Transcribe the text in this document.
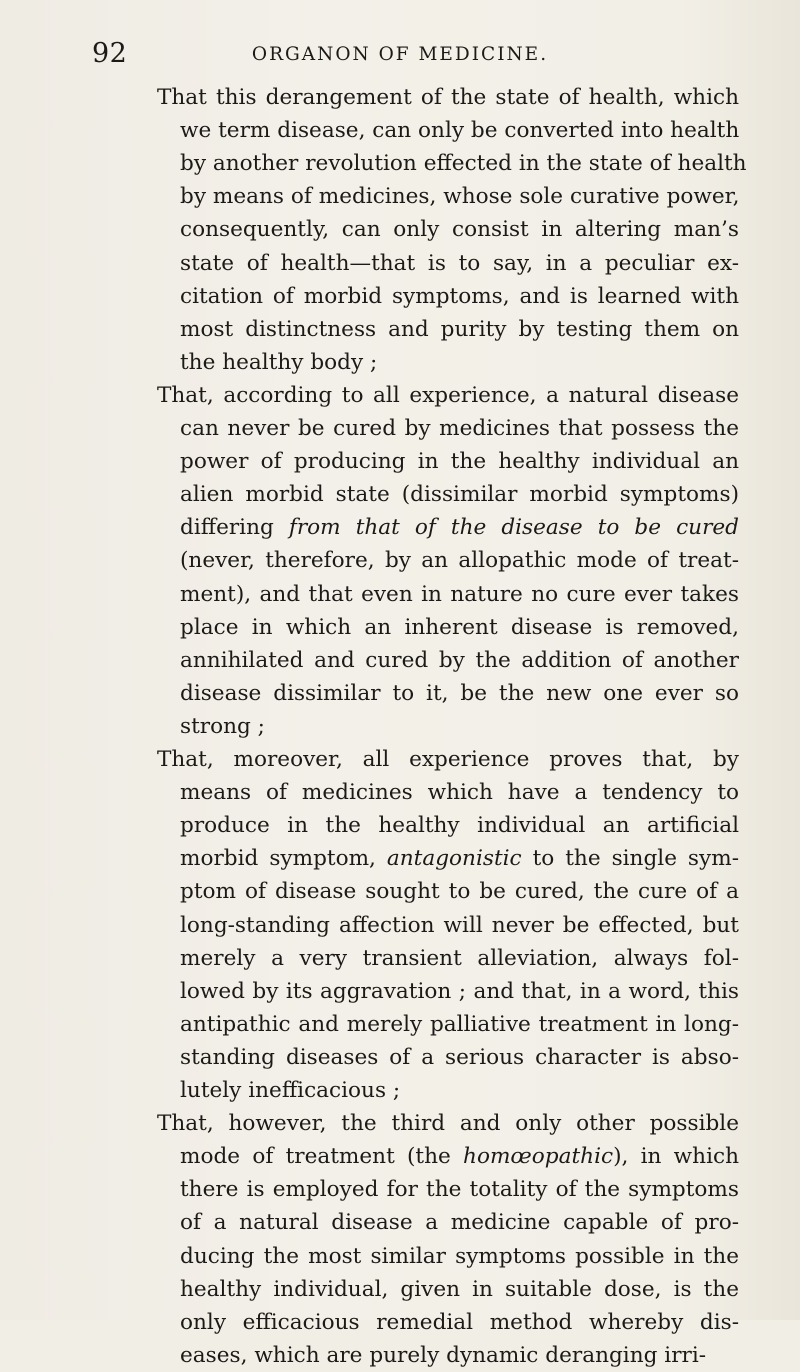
92	ORGANON OF MEDICINE.
That this derangement of the state of health, which
we term disease, can only be converted into health
by another revolution effected in the state of health
by means of medicines, whose sole curative power,
consequently, can only consist in altering man’s
state of health—that is to say, in a peculiar ex-
citation of morbid symptoms, and is learned with
most distinctness and purity by testing them on
the healthy body ;
That, according to all experience, a natural disease
can never be cured by medicines that possess the
power of producing in the healthy individual an
alien morbid state (dissimilar morbid symptoms)
differing from that of the disease to be cured
(never, therefore, by an allopathic mode of treat-
ment), and that even in nature no cure ever takes
place in which an inherent disease is removed,
annihilated and cured by the addition of another
disease dissimilar to it, be the new one ever so
strong ;
That, moreover, all experience proves that, by
means of medicines which have a tendency to
produce in the healthy individual an artificial
morbid symptom, antagonistic to the single sym-
ptom of disease sought to be cured, the cure of a
long-standing affection will never be effected, but
merely a very transient alleviation, always fol-
lowed by its aggravation ; and that, in a word, this
antipathic and merely palliative treatment in long-
standing diseases of a serious character is abso-
lutely inefficacious ;
That, however, the third and only other possible
mode of treatment (the homœopathic), in which
there is employed for the totality of the symptoms
of a natural disease a medicine capable of pro-
ducing the most similar symptoms possible in the
healthy individual, given in suitable dose, is the
only efficacious remedial method whereby dis-
eases, which are purely dynamic deranging irri-
